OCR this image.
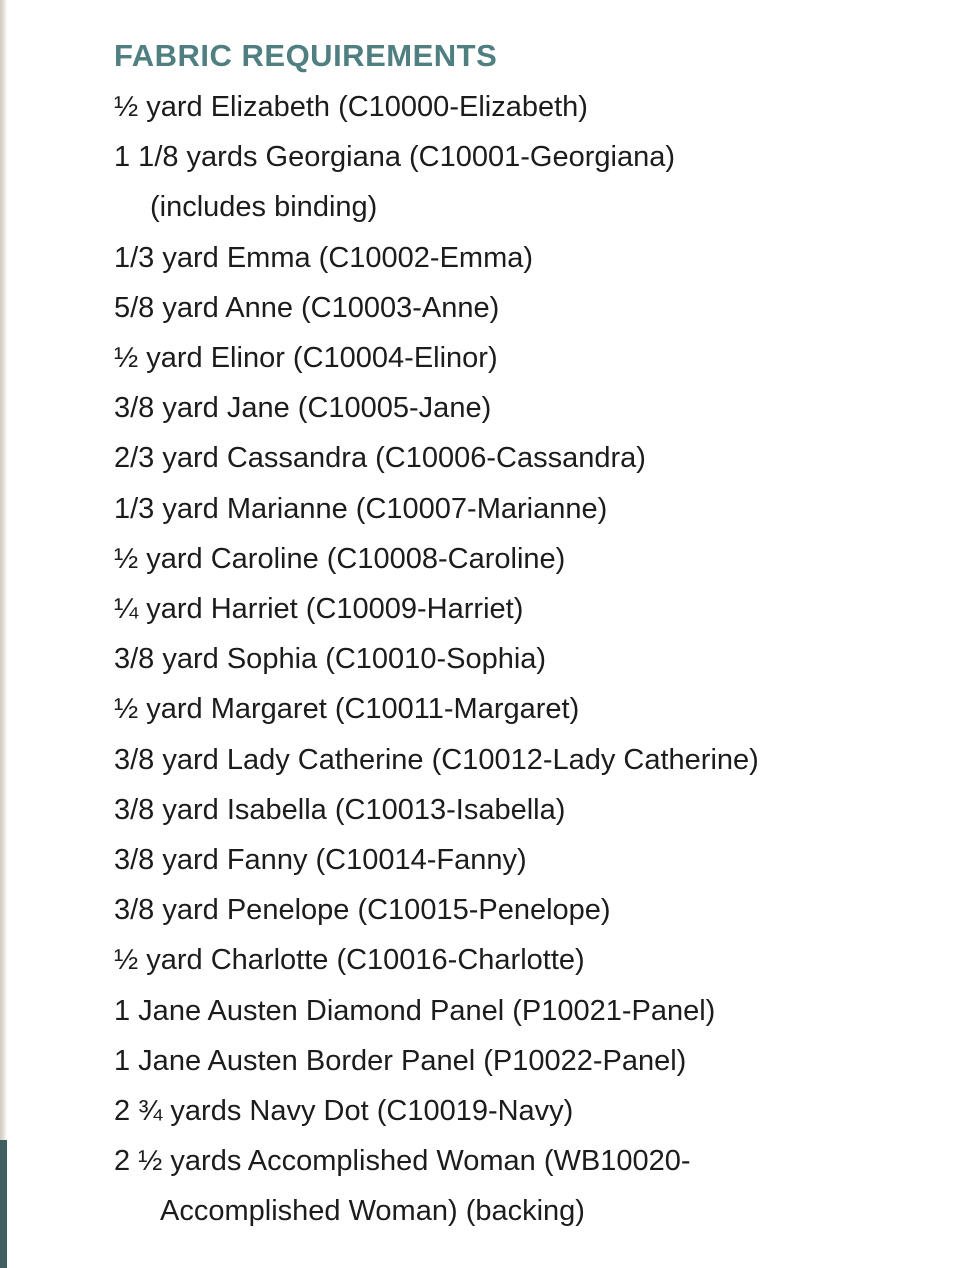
FABRIC REQUIREMENTS
½ yard Elizabeth (C10000-Elizabeth)
1 1/8 yards Georgiana (C10001-Georgiana)
(includes binding)
1/3 yard Emma (C10002-Emma)
5/8 yard Anne (C10003-Anne)
½ yard Elinor (C10004-Elinor)
3/8 yard Jane (C10005-Jane)
2/3 yard Cassandra (C10006-Cassandra)
1/3 yard Marianne (C10007-Marianne)
½ yard Caroline (C10008-Caroline)
¼ yard Harriet (C10009-Harriet)
3/8 yard Sophia (C10010-Sophia)
½ yard Margaret (C10011-Margaret)
3/8 yard Lady Catherine (C10012-Lady Catherine)
3/8 yard Isabella (C10013-Isabella)
3/8 yard Fanny (C10014-Fanny)
3/8 yard Penelope (C10015-Penelope)
½ yard Charlotte (C10016-Charlotte)
1 Jane Austen Diamond Panel (P10021-Panel)
1 Jane Austen Border Panel (P10022-Panel)
2 ¾ yards Navy Dot (C10019-Navy)
2 ½ yards Accomplished Woman (WB10020-
Accomplished Woman) (backing)
